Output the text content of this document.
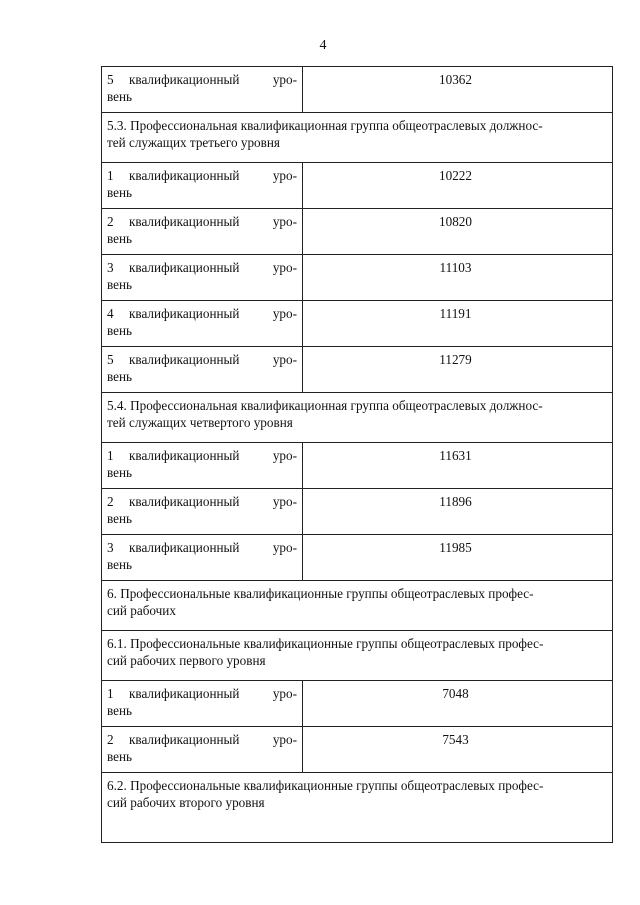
4
5 квалификационный уро-
вень	10362

5.3. Профессиональная квалификационная группа общеотраслевых должнос-
тей служащих третьего уровня	

1 квалификационный уро-
вень	10222

2 квалификационный уро-
вень	10820

3 квалификационный уро-
вень	11103

4 квалификационный уро-
вень	11191

5 квалификационный уро-
вень	11279

5.4. Профессиональная квалификационная группа общеотраслевых должнос-
тей служащих четвертого уровня	

1 квалификационный уро-
вень	11631

2 квалификационный уро-
вень	11896

3 квалификационный уро-
вень	11985

6. Профессиональные квалификационные группы общеотраслевых профес-
сий рабочих	

6.1. Профессиональные квалификационные группы общеотраслевых профес-
сий рабочих первого уровня	

1 квалификационный уро-
вень	7048

2 квалификационный уро-
вень	7543

6.2. Профессиональные квалификационные группы общеотраслевых профес-
сий рабочих второго уровня	
